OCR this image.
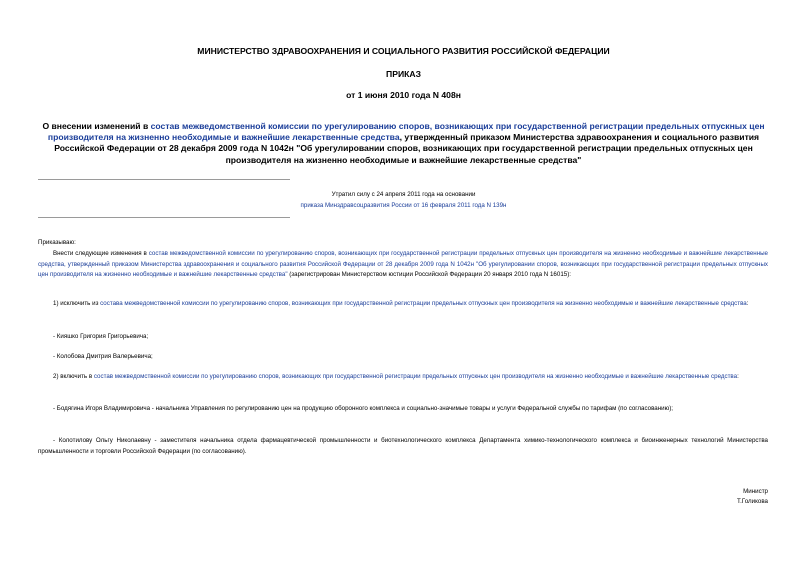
МИНИСТЕРСТВО ЗДРАВООХРАНЕНИЯ И СОЦИАЛЬНОГО РАЗВИТИЯ РОССИЙСКОЙ ФЕДЕРАЦИИ
ПРИКАЗ
от 1 июня 2010 года N 408н
О внесении изменений в состав межведомственной комиссии по урегулированию споров, возникающих при государственной регистрации предельных отпускных цен производителя на жизненно необходимые и важнейшие лекарственные средства, утвержденный приказом Министерства здравоохранения и социального развития Российской Федерации от 28 декабря 2009 года N 1042н "Об урегулировании споров, возникающих при государственной регистрации предельных отпускных цен производителя на жизненно необходимые и важнейшие лекарственные средства"
Утратил силу с 24 апреля 2011 года на основании
приказа Минздравсоцразвития России от 16 февраля 2011 года N 139н
Приказываю:
Внести следующие изменения в состав межведомственной комиссии по урегулированию споров, возникающих при государственной регистрации предельных отпускных цен производителя на жизненно необходимые и важнейшие лекарственные средства, утвержденный приказом Министерства здравоохранения и социального развития Российской Федерации от 28 декабря 2009 года N 1042н "Об урегулировании споров, возникающих при государственной регистрации предельных отпускных цен производителя на жизненно необходимые и важнейшие лекарственные средства" (зарегистрирован Министерством юстиции Российской Федерации 20 января 2010 года N 16015):
1) исключить из состава межведомственной комиссии по урегулированию споров, возникающих при государственной регистрации предельных отпускных цен производителя на жизненно необходимые и важнейшие лекарственные средства:
- Кияшко Григория Григорьевича;
- Колобова Дмитрия Валерьевича;
2) включить в состав межведомственной комиссии по урегулированию споров, возникающих при государственной регистрации предельных отпускных цен производителя на жизненно необходимые и важнейшие лекарственные средства:
- Бодягина Игоря Владимировича - начальника Управления по регулированию цен на продукцию оборонного комплекса и социально-значимые товары и услуги Федеральной службы по тарифам (по согласованию);
- Колотилову Ольгу Николаевну - заместителя начальника отдела фармацевтической промышленности и биотехнологического комплекса Департамента химико-технологического комплекса и биоинженерных технологий Министерства промышленности и торговли Российской Федерации (по согласованию).
Министр
Т.Голикова
